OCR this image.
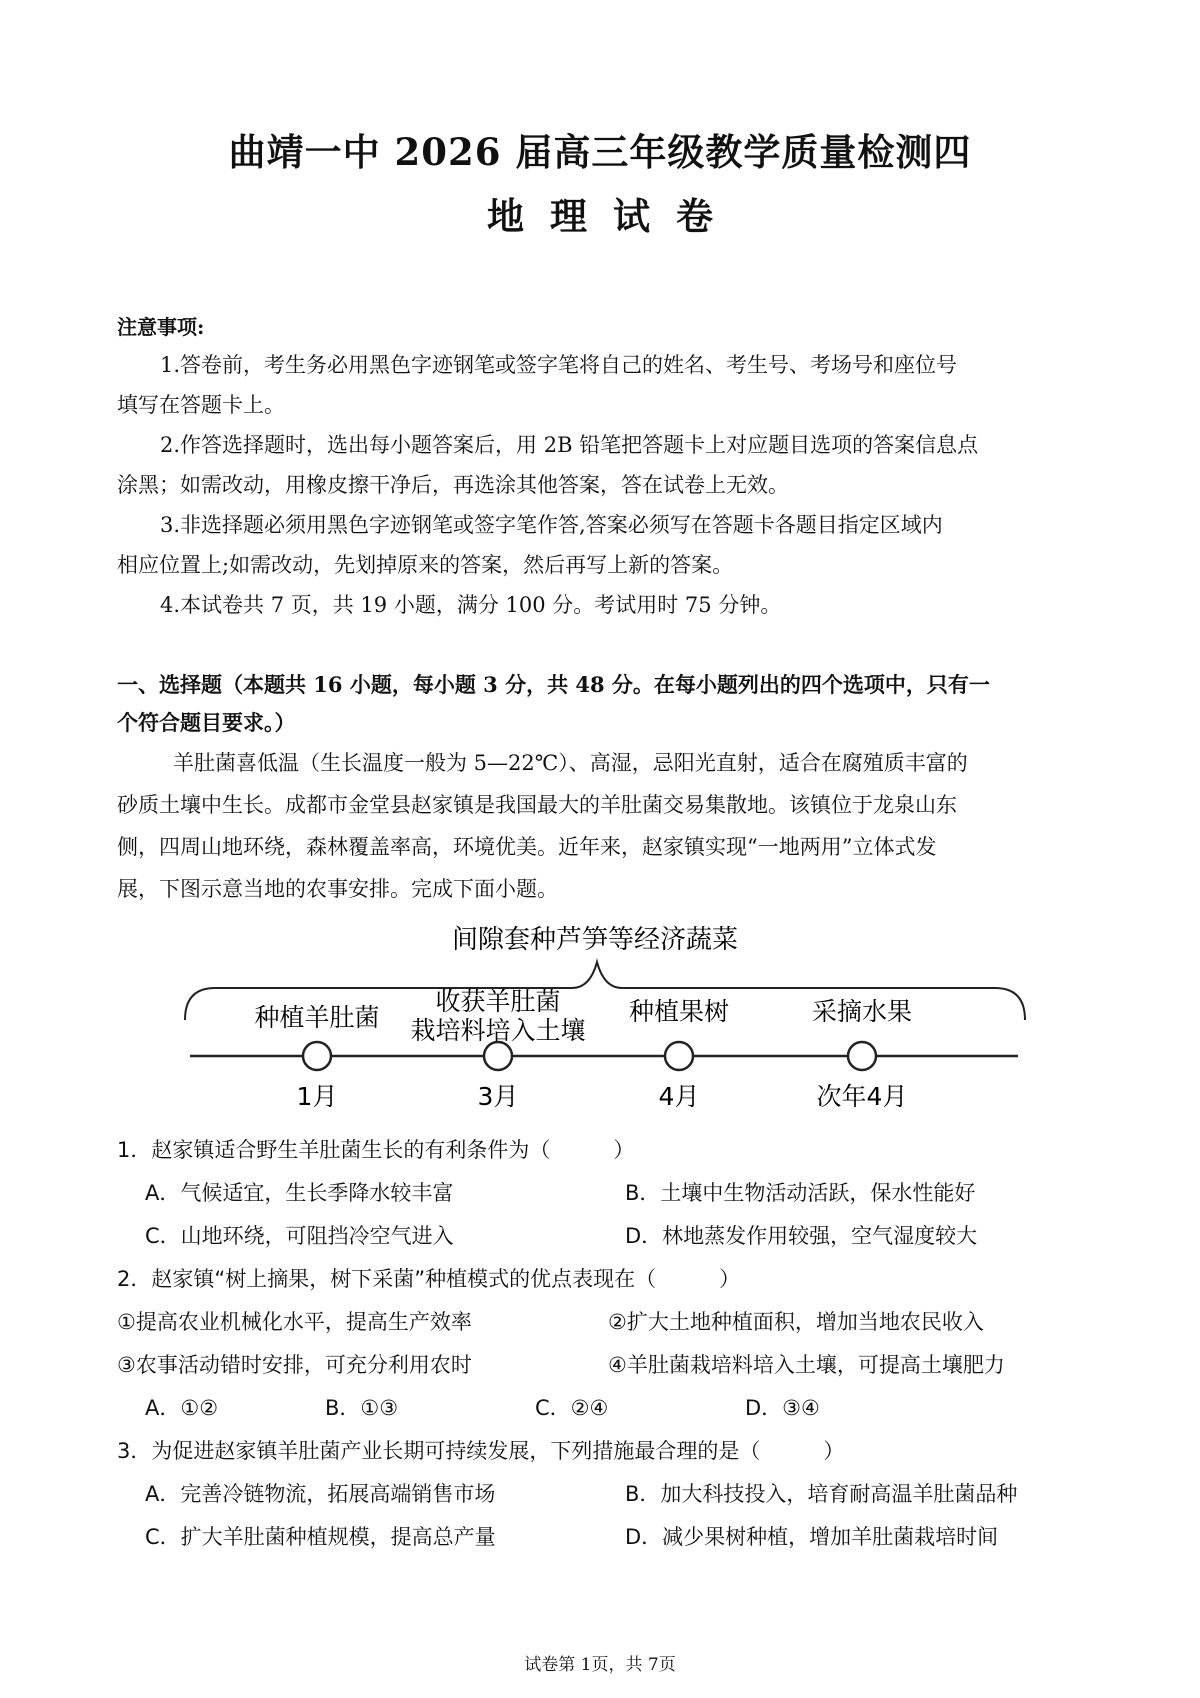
曲靖一中 2026 届高三年级教学质量检测四
地理试卷
注意事项:
1.答卷前，考生务必用黑色字迹钢笔或签字笔将自己的姓名、考生号、考场号和座位号
填写在答题卡上。
2.作答选择题时，选出每小题答案后，用 2B 铅笔把答题卡上对应题目选项的答案信息点
涂黑；如需改动，用橡皮擦干净后，再选涂其他答案，答在试卷上无效。
3.非选择题必须用黑色字迹钢笔或签字笔作答,答案必须写在答题卡各题目指定区域内
相应位置上;如需改动，先划掉原来的答案，然后再写上新的答案。
4.本试卷共 7 页，共 19 小题，满分 100 分。考试用时 75 分钟。
一、选择题（本题共 16 小题，每小题 3 分，共 48 分。在每小题列出的四个选项中，只有一
个符合题目要求。）
羊肚菌喜低温（生长温度一般为 5—22℃）、高湿，忌阳光直射，适合在腐殖质丰富的
砂质土壤中生长。成都市金堂县赵家镇是我国最大的羊肚菌交易集散地。该镇位于龙泉山东
侧，四周山地环绕，森林覆盖率高，环境优美。近年来，赵家镇实现“一地两用”立体式发
展，下图示意当地的农事安排。完成下面小题。
间隙套种芦笋等经济蔬菜
种植羊肚菌
收获羊肚菌
栽培料培入土壤
种植果树	采摘水果
1月	3月	4月	次年4月
1．赵家镇适合野生羊肚菌生长的有利条件为（　　　）
A．气候适宜，生长季降水较丰富	B．土壤中生物活动活跃，保水性能好
C．山地环绕，可阻挡冷空气进入	D．林地蒸发作用较强，空气湿度较大
2．赵家镇“树上摘果，树下采菌”种植模式的优点表现在（　　　）
①提高农业机械化水平，提高生产效率	②扩大土地种植面积，增加当地农民收入
③农事活动错时安排，可充分利用农时	④羊肚菌栽培料培入土壤，可提高土壤肥力
A．①②	B．①③	C．②④	D．③④
3．为促进赵家镇羊肚菌产业长期可持续发展，下列措施最合理的是（　　　）
A．完善冷链物流，拓展高端销售市场	B．加大科技投入，培育耐高温羊肚菌品种
C．扩大羊肚菌种植规模，提高总产量	D．减少果树种植，增加羊肚菌栽培时间
试卷第 1页，共 7页
